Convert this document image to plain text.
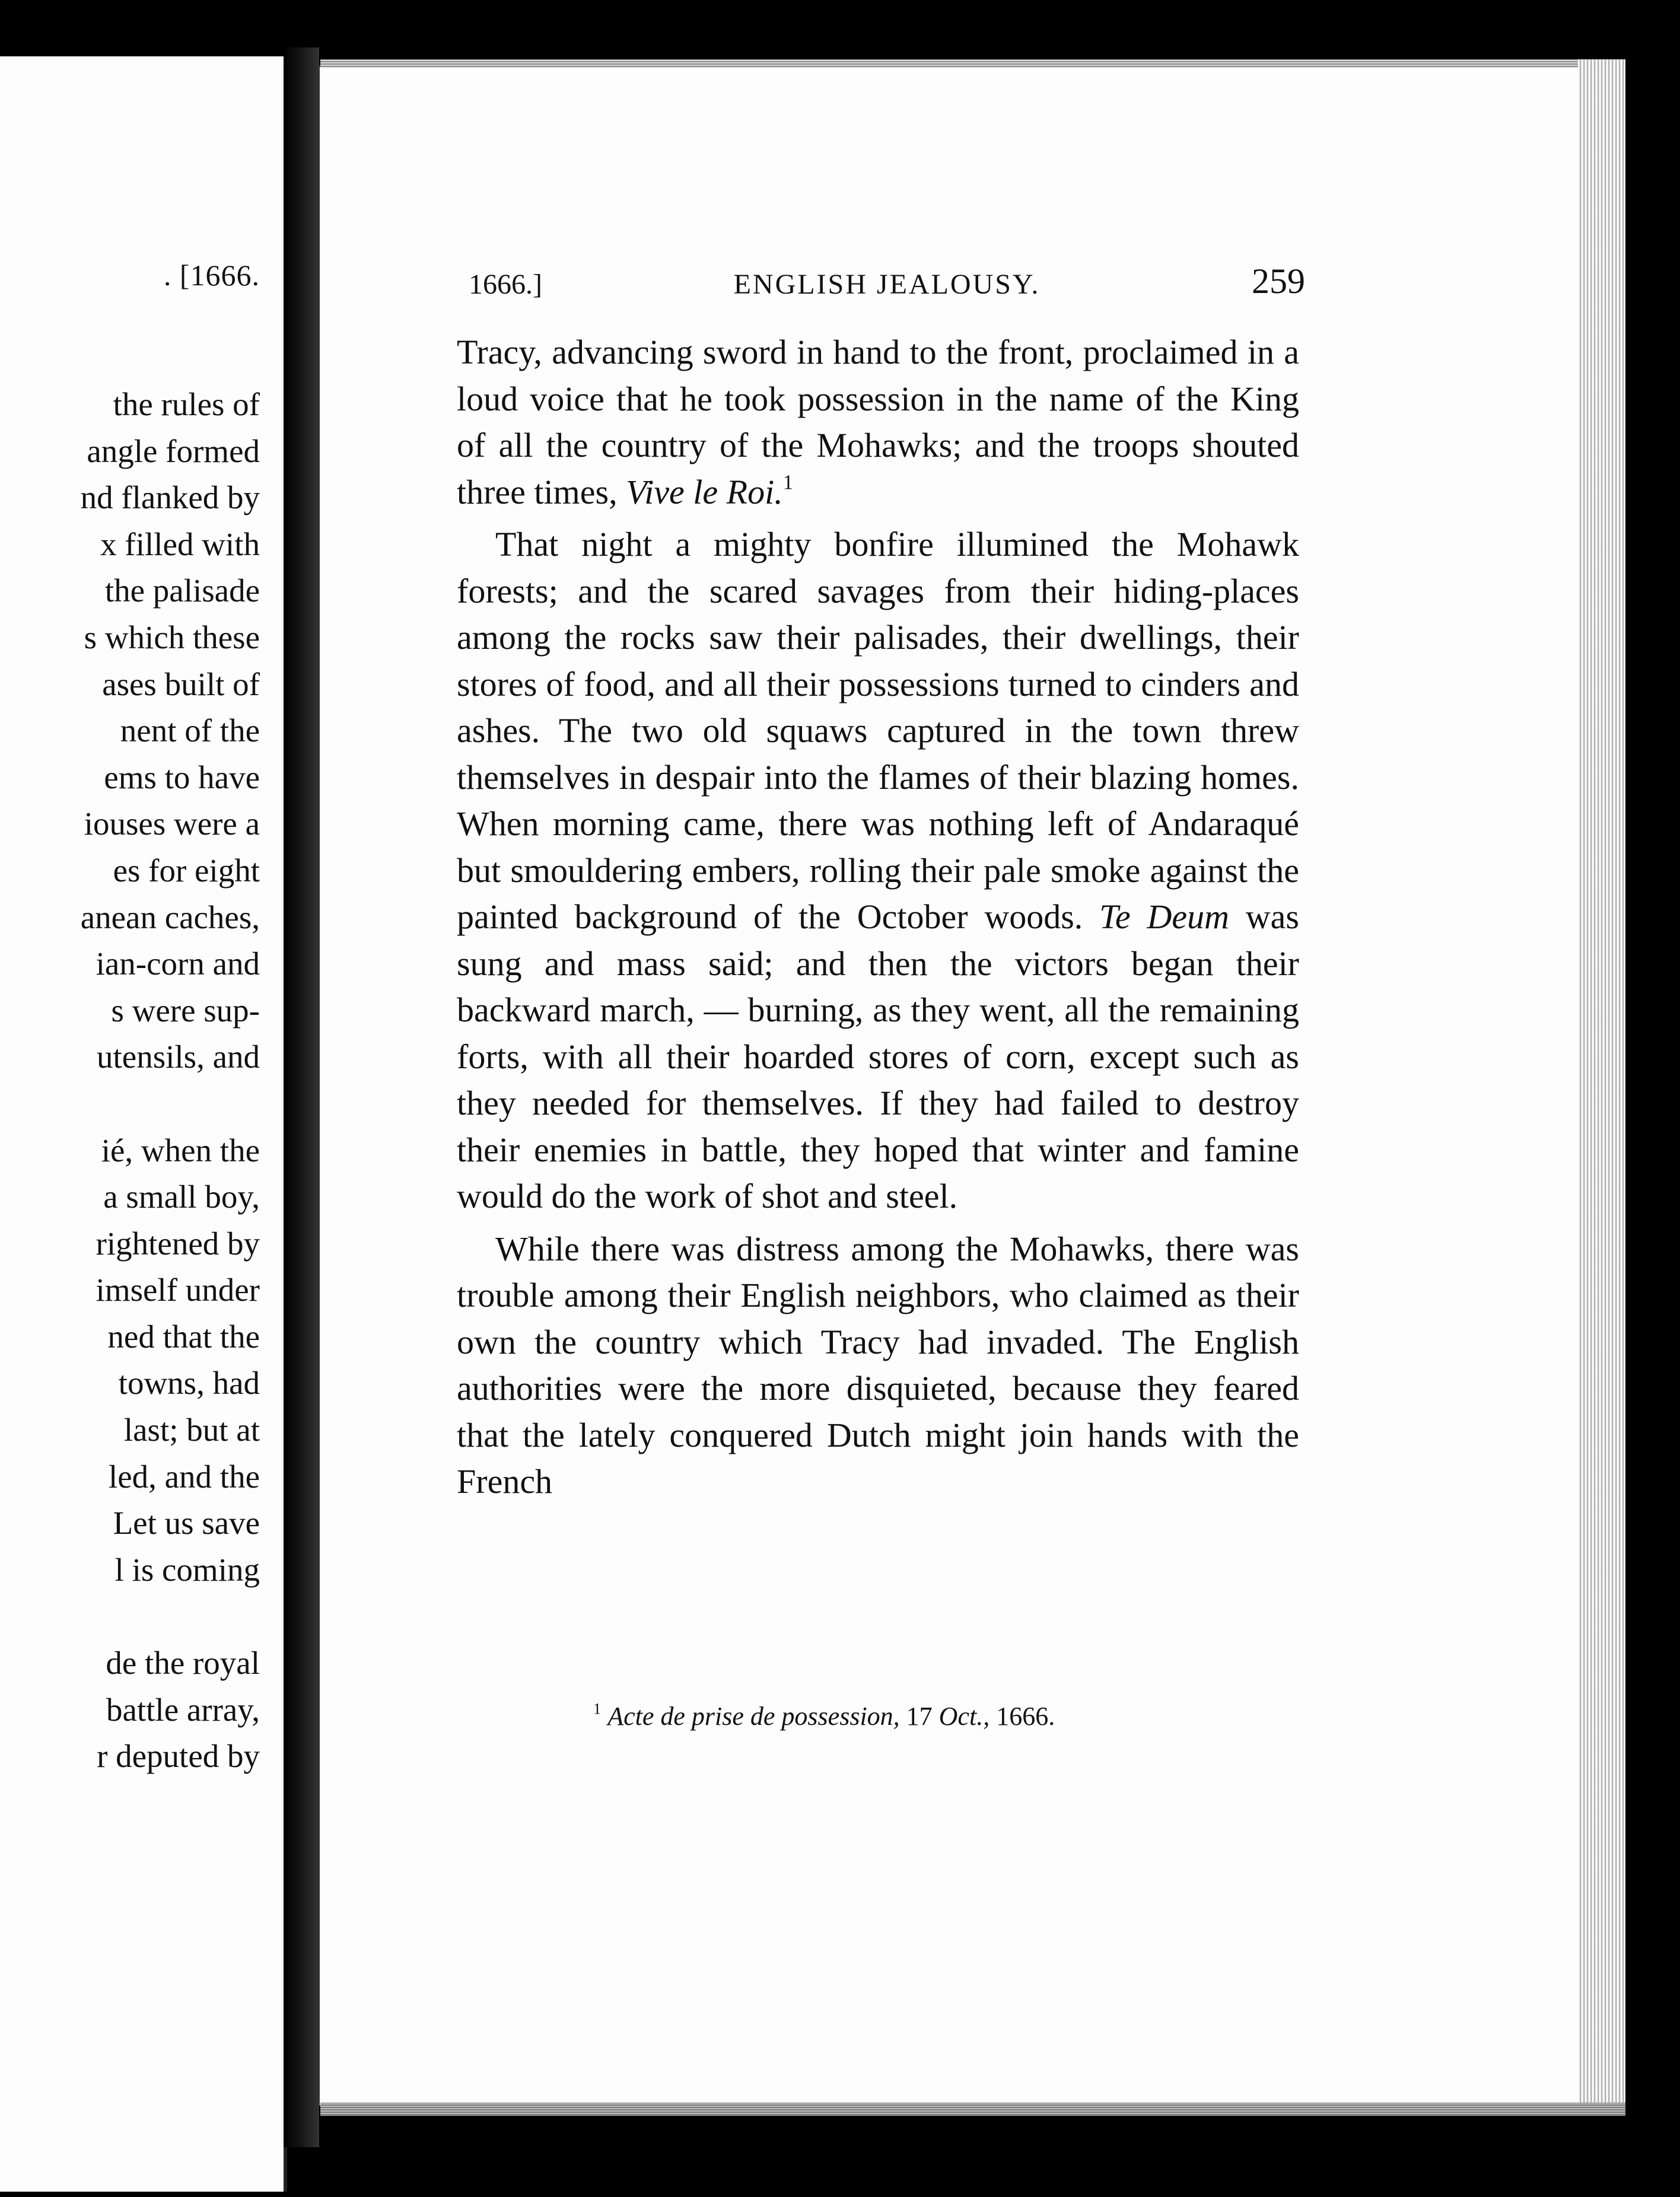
. [1666.
the rules of
angle formed
nd flanked by
x filled with
the palisade
s which these
ases built of
nent of the
ems to have
iouses were a
es for eight
anean caches,
ian-corn and
s were sup-
utensils, and

ié, when the
a small boy,
rightened by
imself under
ned that the
towns, had
last; but at
led, and the
Let us save
l is coming

de the royal
battle array,
r deputed by
1666.]	ENGLISH JEALOUSY.	259

Tracy, advancing sword in hand to the front, proclaimed in a loud voice that he took possession in the name of the King of all the country of the Mohawks; and the troops shouted three times, Vive le Roi.$^1$

That night a mighty bonfire illumined the Mohawk forests; and the scared savages from their hiding-places among the rocks saw their palisades, their dwellings, their stores of food, and all their possessions turned to cinders and ashes. The two old squaws captured in the town threw themselves in despair into the flames of their blazing homes. When morning came, there was nothing left of Andaraqué but smouldering embers, rolling their pale smoke against the painted background of the October woods. Te Deum was sung and mass said; and then the victors began their backward march, — burning, as they went, all the remaining forts, with all their hoarded stores of corn, except such as they needed for themselves. If they had failed to destroy their enemies in battle, they hoped that winter and famine would do the work of shot and steel.

While there was distress among the Mohawks, there was trouble among their English neighbors, who claimed as their own the country which Tracy had invaded. The English authorities were the more disquieted, because they feared that the lately conquered Dutch might join hands with the French

$^1$ Acte de prise de possession, 17 Oct., 1666.
